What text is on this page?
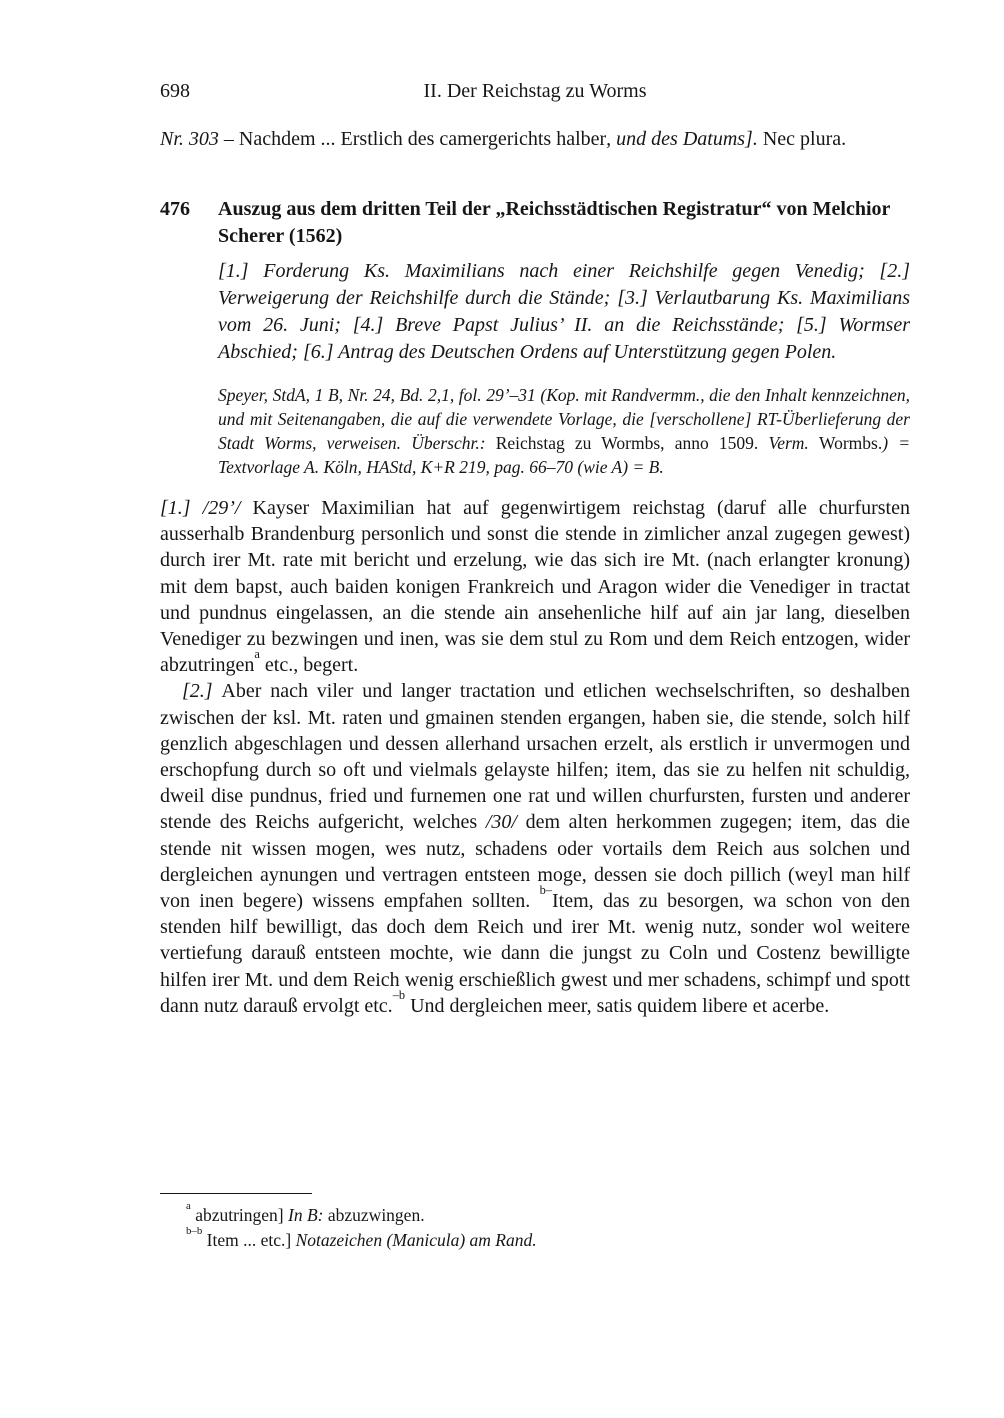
698	II. Der Reichstag zu Worms

Nr. 303 – Nachdem ... Erstlich des camergerichts halber, und des Datums]. Nec plura.

476	Auszug aus dem dritten Teil der „Reichsstädtischen Registratur“ von Melchior Scherer (1562)

[1.] Forderung Ks. Maximilians nach einer Reichshilfe gegen Venedig; [2.] Verweigerung der Reichshilfe durch die Stände; [3.] Verlautbarung Ks. Maximilians vom 26. Juni; [4.] Breve Papst Julius’ II. an die Reichsstände; [5.] Wormser Abschied; [6.] Antrag des Deutschen Ordens auf Unterstützung gegen Polen.

Speyer, StdA, 1 B, Nr. 24, Bd. 2,1, fol. 29’–31 (Kop. mit Randvermm., die den Inhalt kennzeichnen, und mit Seitenangaben, die auf die verwendete Vorlage, die [verschollene] RT-Überlieferung der Stadt Worms, verweisen. Überschr.: Reichstag zu Wormbs, anno 1509. Verm. Wormbs.) = Textvorlage A. Köln, HAStd, K+R 219, pag. 66–70 (wie A) = B.

[1.] /29’/ Kayser Maximilian hat auf gegenwirtigem reichstag (daruf alle churfursten ausserhalb Brandenburg personlich und sonst die stende in zimlicher anzal zugegen gewest) durch irer Mt. rate mit bericht und erzelung, wie das sich ire Mt. (nach erlangter kronung) mit dem bapst, auch baiden konigen Frankreich und Aragon wider die Venediger in tractat und pundnus eingelassen, an die stende ain ansehenliche hilf auf ain jar lang, dieselben Venediger zu bezwingen und inen, was sie dem stul zu Rom und dem Reich entzogen, wider abzutringen$^a$ etc., begert.

[2.] Aber nach viler und langer tractation und etlichen wechselschriften, so deshalben zwischen der ksl. Mt. raten und gmainen stenden ergangen, haben sie, die stende, solch hilf genzlich abgeschlagen und dessen allerhand ursachen erzelt, als erstlich ir unvermogen und erschopfung durch so oft und vielmals gelayste hilfen; item, das sie zu helfen nit schuldig, dweil dise pundnus, fried und furnemen one rat und willen churfursten, fursten und anderer stende des Reichs aufgericht, welches /30/ dem alten herkommen zugegen; item, das die stende nit wissen mogen, wes nutz, schadens oder vortails dem Reich aus solchen und dergleichen aynungen und vertragen entsteen moge, dessen sie doch pillich (weyl man hilf von inen begere) wissens empfahen sollten. $^{b-}$Item, das zu besorgen, wa schon von den stenden hilf bewilligt, das doch dem Reich und irer Mt. wenig nutz, sonder wol weitere vertiefung darauß entsteen mochte, wie dann die jungst zu Coln und Costenz bewilligte hilfen irer Mt. und dem Reich wenig erschießlich gwest und mer schadens, schimpf und spott dann nutz darauß ervolgt etc.$^{-b}$ Und dergleichen meer, satis quidem libere et acerbe.

$^a$ abzutringen] In B: abzuzwingen.

$^{b-b}$ Item ... etc.] Notazeichen (Manicula) am Rand.
